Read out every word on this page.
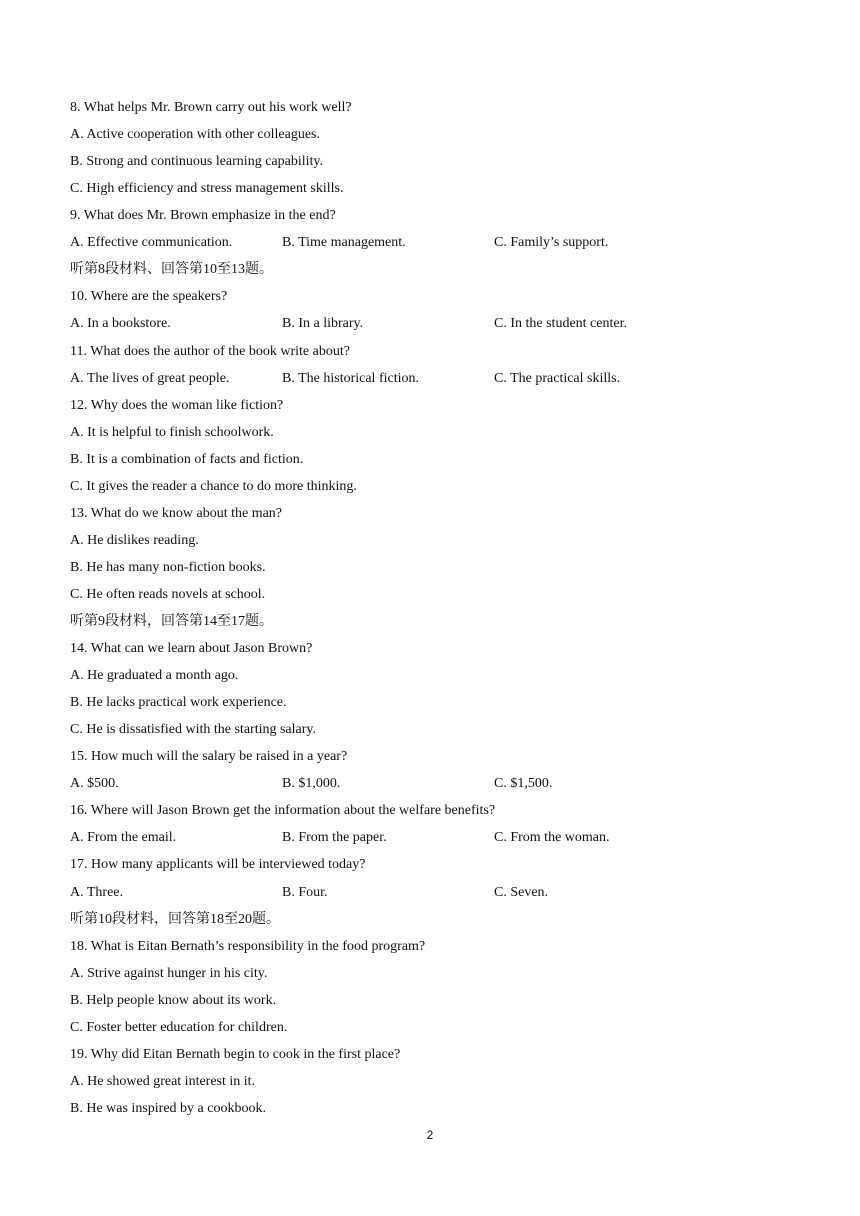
8. What helps Mr. Brown carry out his work well?
A. Active cooperation with other colleagues.
B. Strong and continuous learning capability.
C. High efficiency and stress management skills.
9. What does Mr. Brown emphasize in the end?
A. Effective communication.	B. Time management.	C. Family’s support.
听第8段材料、回答第10至13题。
10. Where are the speakers?
A. In a bookstore.	B. In a library.	C. In the student center.
11. What does the author of the book write about?
A. The lives of great people.	B. The historical fiction.	C. The practical skills.
12. Why does the woman like fiction?
A. It is helpful to finish schoolwork.
B. It is a combination of facts and fiction.
C. It gives the reader a chance to do more thinking.
13. What do we know about the man?
A. He dislikes reading.
B. He has many non-fiction books.
C. He often reads novels at school.
听第9段材料，回答第14至17题。
14. What can we learn about Jason Brown?
A. He graduated a month ago.
B. He lacks practical work experience.
C. He is dissatisfied with the starting salary.
15. How much will the salary be raised in a year?
A. $500.	B. $1,000.	C. $1,500.
16. Where will Jason Brown get the information about the welfare benefits?
A. From the email.	B. From the paper.	C. From the woman.
17. How many applicants will be interviewed today?
A. Three.	B. Four.	C. Seven.
听第10段材料，回答第18至20题。
18. What is Eitan Bernath’s responsibility in the food program?
A. Strive against hunger in his city.
B. Help people know about its work.
C. Foster better education for children.
19. Why did Eitan Bernath begin to cook in the first place?
A. He showed great interest in it.
B. He was inspired by a cookbook.
2
